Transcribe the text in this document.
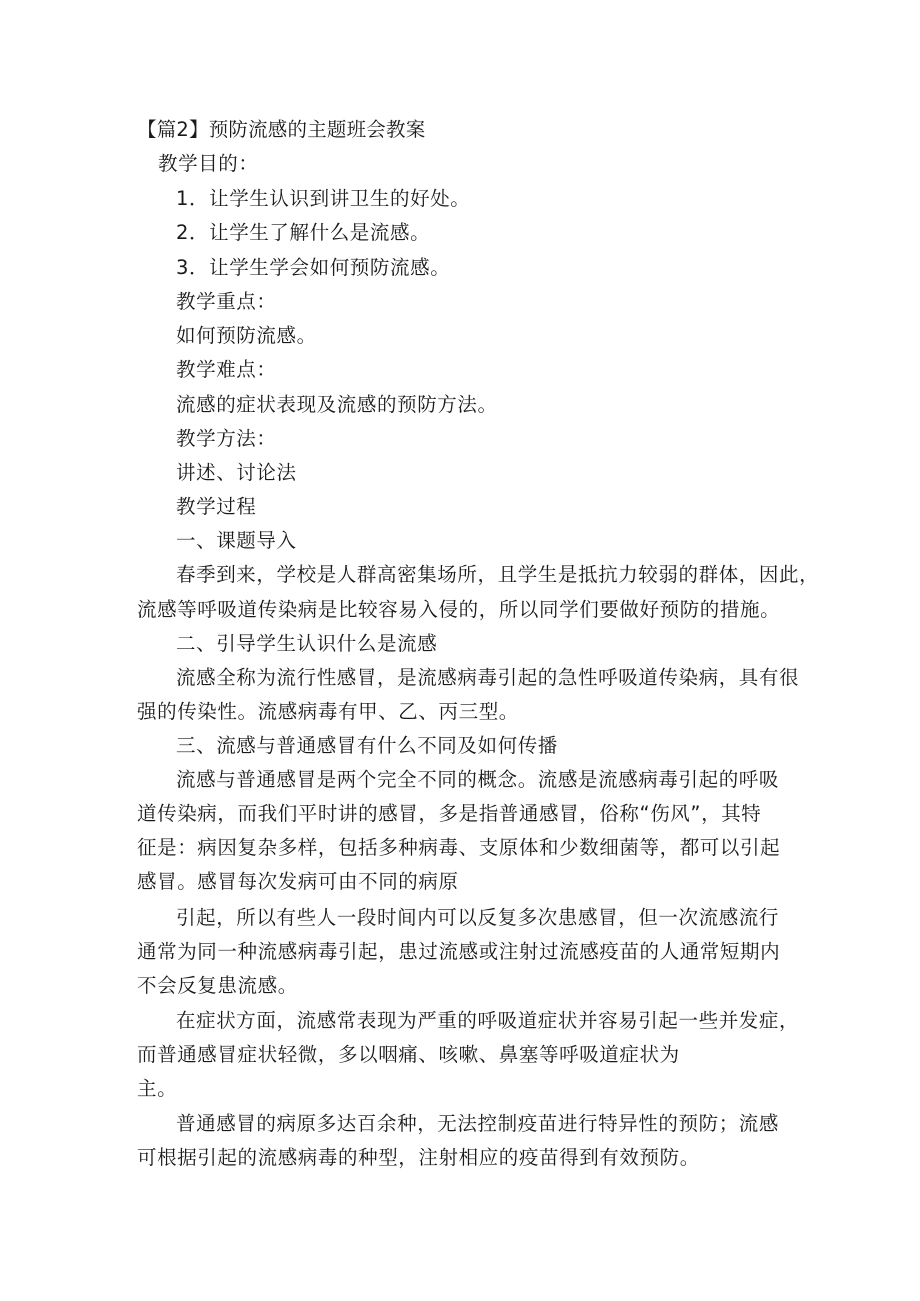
【篇2】预防流感的主题班会教案
教学目的：
1．让学生认识到讲卫生的好处。
2．让学生了解什么是流感。
3．让学生学会如何预防流感。
教学重点：
如何预防流感。
教学难点：
流感的症状表现及流感的预防方法。
教学方法：
讲述、讨论法
教学过程
一、课题导入
春季到来，学校是人群高密集场所，且学生是抵抗力较弱的群体，因此，
流感等呼吸道传染病是比较容易入侵的，所以同学们要做好预防的措施。
二、引导学生认识什么是流感
流感全称为流行性感冒，是流感病毒引起的急性呼吸道传染病，具有很
强的传染性。流感病毒有甲、乙、丙三型。
三、流感与普通感冒有什么不同及如何传播
流感与普通感冒是两个完全不同的概念。流感是流感病毒引起的呼吸
道传染病，而我们平时讲的感冒，多是指普通感冒，俗称“伤风”，其特
征是：病因复杂多样，包括多种病毒、支原体和少数细菌等，都可以引起
感冒。感冒每次发病可由不同的病原
引起，所以有些人一段时间内可以反复多次患感冒，但一次流感流行
通常为同一种流感病毒引起，患过流感或注射过流感疫苗的人通常短期内
不会反复患流感。
在症状方面，流感常表现为严重的呼吸道症状并容易引起一些并发症，
而普通感冒症状轻微，多以咽痛、咳嗽、鼻塞等呼吸道症状为
主。
普通感冒的病原多达百余种，无法控制疫苗进行特异性的预防；流感
可根据引起的流感病毒的种型，注射相应的疫苗得到有效预防。
